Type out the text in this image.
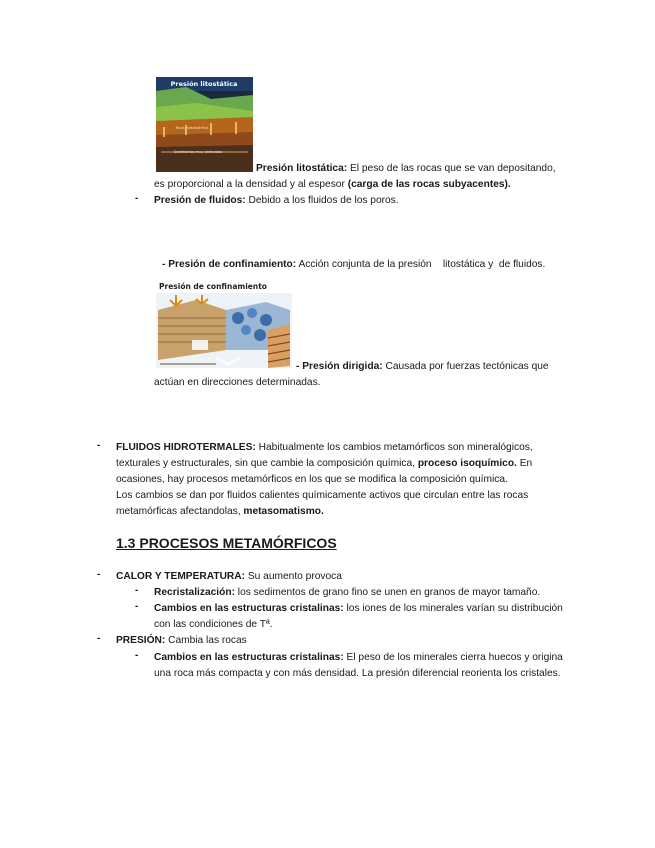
Presión litostática
Roca metamórfica
Sedimentos muy profundos
Presión litostática: El peso de las rocas que se van depositando,
es proporcional a la densidad y al espesor (carga de las rocas subyacentes).
- Presión de fluidos: Debido a los fluidos de los poros.
- Presión de confinamiento: Acción conjunta de la presión    litostática y  de fluidos.
Presión de confinamiento
- Presión dirigida: Causada por fuerzas tectónicas que
actúan en direcciones determinadas.
- FLUIDOS HIDROTERMALES: Habitualmente los cambios metamórficos son mineralógicos,
texturales y estructurales, sin que cambie la composición química, proceso isoquímico. En
ocasiones, hay procesos metamórficos en los que se modifica la composición química.
Los cambios se dan por fluidos calientes químicamente activos que circulan entre las rocas
metamórficas afectandolas, metasomatismo.
1.3 PROCESOS METAMÓRFICOS
- CALOR Y TEMPERATURA: Su aumento provoca
- Recristalización: los sedimentos de grano fino se unen en granos de mayor tamaño.
- Cambios en las estructuras cristalinas: los iones de los minerales varían su distribución
con las condiciones de Tª.
- PRESIÓN: Cambia las rocas
- Cambios en las estructuras cristalinas: El peso de los minerales cierra huecos y origina
una roca más compacta y con más densidad. La presión diferencial reorienta los cristales.
